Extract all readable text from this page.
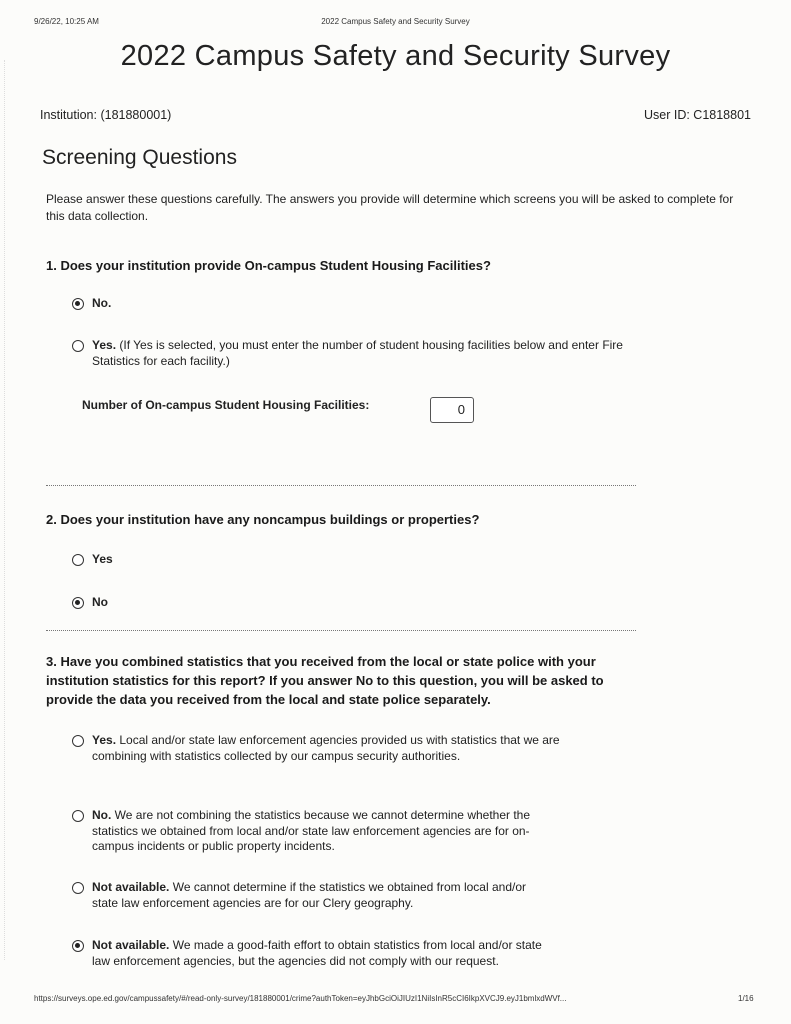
9/26/22, 10:25 AM	2022 Campus Safety and Security Survey
2022 Campus Safety and Security Survey
Institution: (181880001)	User ID: C1818801
Screening Questions
Please answer these questions carefully. The answers you provide will determine which screens you will be asked to complete for this data collection.
1. Does your institution provide On-campus Student Housing Facilities?
No.
Yes. (If Yes is selected, you must enter the number of student housing facilities below and enter Fire Statistics for each facility.)
Number of On-campus Student Housing Facilities:	0
2. Does your institution have any noncampus buildings or properties?
Yes
No
3. Have you combined statistics that you received from the local or state police with your institution statistics for this report? If you answer No to this question, you will be asked to provide the data you received from the local and state police separately.
Yes. Local and/or state law enforcement agencies provided us with statistics that we are combining with statistics collected by our campus security authorities.
No. We are not combining the statistics because we cannot determine whether the statistics we obtained from local and/or state law enforcement agencies are for on-campus incidents or public property incidents.
Not available. We cannot determine if the statistics we obtained from local and/or state law enforcement agencies are for our Clery geography.
Not available. We made a good-faith effort to obtain statistics from local and/or state law enforcement agencies, but the agencies did not comply with our request.
https://surveys.ope.ed.gov/campussafety/#/read-only-survey/181880001/crime?authToken=eyJhbGciOiJIUzI1NiIsInR5cCI6IkpXVCJ9.eyJ1bmlxdWVf...	1/16
